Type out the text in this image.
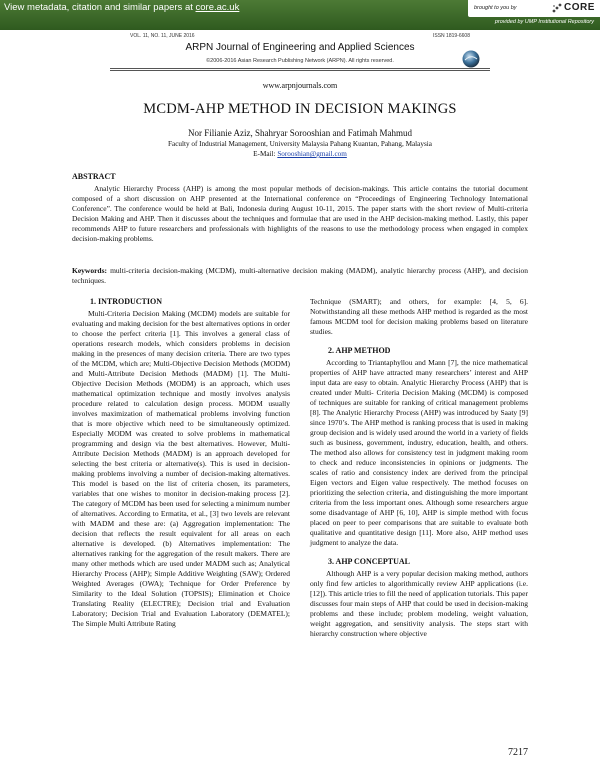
View metadata, citation and similar papers at core.ac.uk	brought to you by	CORE
provided by UMP Institutional Repository
VOL. 11, NO. 11, JUNE 2016	ISSN 1819-6608
ARPN Journal of Engineering and Applied Sciences
©2006-2016 Asian Research Publishing Network (ARPN). All rights reserved.
www.arpnjournals.com
MCDM-AHP METHOD IN DECISION MAKINGS
Nor Filianie Aziz, Shahryar Sorooshian and Fatimah Mahmud
Faculty of Industrial Management, University Malaysia Pahang Kuantan, Pahang, Malaysia
E-Mail: Sorooshian@gmail.com
ABSTRACT

Analytic Hierarchy Process (AHP) is among the most popular methods of decision-makings. This article contains the tutorial document composed of a short discussion on AHP presented at the International conference on “Proceedings of Engineering Technology International Conference”. The conference would be held at Bali, Indonesia during August 10-11, 2015. The paper starts with the short review of Multi-criteria Decision Making and AHP. Then it discusses about the techniques and formulae that are used in the AHP decision-making method. Lastly, this paper recommends AHP to future researchers and professionals with highlights of the reasons to use the methodology process when engaged in complex decision-making problems.

Keywords: multi-criteria decision-making (MCDM), multi-alternative decision making (MADM), analytic hierarchy process (AHP), and decision techniques.

1. INTRODUCTION

Multi-Criteria Decision Making (MCDM) models are suitable for evaluating and making decision for the best alternatives options in order to choose the perfect criteria [1]. This involves a general class of operations research models, which considers problems in decision making in the presences of many decision criteria. There are two types of the MCDM, which are; Multi-Objective Decision Methods (MODM) and Multi-Attribute Decision Methods (MADM) [1]. The Multi-Objective Decision Methods (MODM) is an approach, which uses mathematical optimization technique and mostly involves analysis procedure related to calculation design process. MODM usually involves maximization of mathematical problems involving function that is more objective which need to be simultaneously optimized. Especially MODM was created to solve problems in mathematical programming and design via the best alternatives. However, Multi-Attribute Decision Methods (MADM) is an approach developed for selecting the best criteria or alternative(s). This is used in decision-making problems involving a number of decision-making alternatives. This model is based on the list of criteria chosen, its parameters, variables that one wishes to monitor in decision-making process [2]. The category of MCDM has been used for selecting a minimum number of alternatives. According to Ermatita, et al., [3] two levels are relevant with MADM and these are: (a) Aggregation implementation: The decision that reflects the result equivalent for all areas on each alternative is developed. (b) Alternatives implementation: The alternatives ranking for the aggregation of the result makers. There are many other methods which are used under MADM such as; Analytical Hierarchy Process (AHP); Simple Additive Weighting (SAW); Ordered Weighted Averages (OWA); Technique for Order Preference by Similarity to the Ideal Solution (TOPSIS); Elimination et Choice Translating Reality (ELECTRE); Decision trial and Evaluation Laboratory; Decision Trial and Evaluation Laboratory (DEMATEL); The Simple Multi Attribute Rating

Technique (SMART); and others, for example: [4, 5, 6]. Notwithstanding all these methods AHP method is regarded as the most famous MCDM tool for decision making problems based on literature studies.

2. AHP METHOD

According to Triantaphyllou and Mann [7], the nice mathematical properties of AHP have attracted many researchers’ interest and AHP input data are easy to obtain. Analytic Hierarchy Process (AHP) that is created under Multi- Criteria Decision Making (MCDM) is composed of techniques are suitable for ranking of critical management problems [8]. The Analytic Hierarchy Process (AHP) was introduced by Saaty [9] since 1970’s. The AHP method is ranking process that is used in making group decision and is widely used around the world in a variety of fields such as business, government, industry, education, health, and others. The method also allows for consistency test in judgment making room to check and reduce inconsistencies in opinions or judgments. The scales of ratio and consistency index are derived from the principal Eigen vectors and Eigen value respectively. The method focuses on prioritizing the selection criteria, and distinguishing the more important criteria from the less important ones. Although some researchers argue some disadvantage of AHP [6, 10], AHP is simple method with focus placed on peer to peer comparisons that are suitable to evaluate both qualitative and quantitative design [11]. More also, AHP method uses judgment to analyze the data.

3. AHP CONCEPTUAL

Although AHP is a very popular decision making method, authors only find few articles to algorithmically review AHP applications (i.e. [12]). This article tries to fill the need of application tutorials. This paper discusses four main steps of AHP that could be used in decision-making problems and these include; problem modeling, weight valuation, weight aggregation, and sensitivity analysis. The steps start with hierarchy construction where objective

7217
